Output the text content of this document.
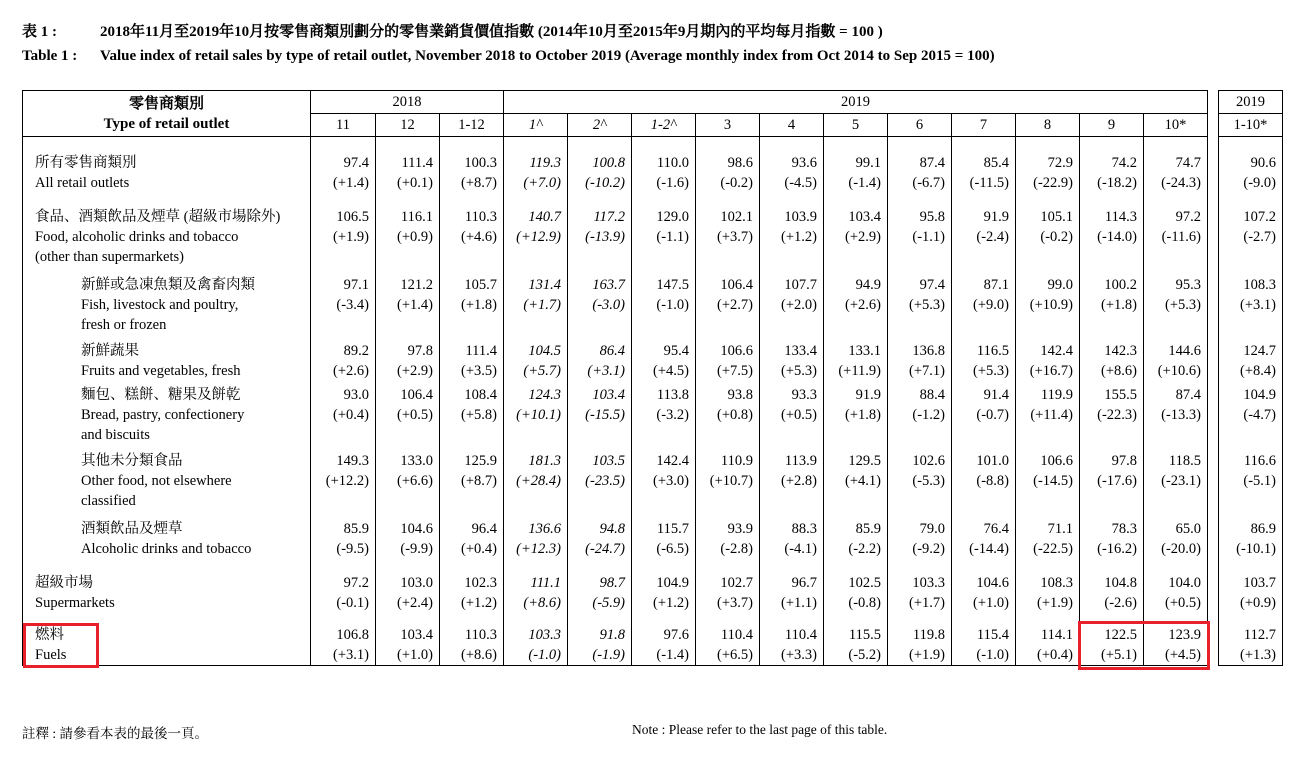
表 1 :	2018年11月至2019年10月按零售商類別劃分的零售業銷貨價值指數 (2014年10月至2015年9月期內的平均每月指數 = 100 )
Table 1 : Value index of retail sales by type of retail outlet, November 2018 to October 2019 (Average monthly index from Oct 2014 to Sep 2015 = 100)
零售商類別
Type of retail outlet	2018			2019												2019
	11	12	1-12	1^	2^	1-2^	3	4	5	6	7	8	9	10*		1-10*

所有零售商類別	97.4	111.4	100.3	119.3	100.8	110.0	98.6	93.6	99.1	87.4	85.4	72.9	74.2	74.7		90.6
All retail outlets	(+1.4)	(+0.1)	(+8.7)	(+7.0)	(-10.2)	(-1.6)	(-0.2)	(-4.5)	(-1.4)	(-6.7)	(-11.5)	(-22.9)	(-18.2)	(-24.3)		(-9.0)

食品、酒類飲品及煙草 (超級市場除外)	106.5	116.1	110.3	140.7	117.2	129.0	102.1	103.9	103.4	95.8	91.9	105.1	114.3	97.2		107.2
Food, alcoholic drinks and tobacco	(+1.9)	(+0.9)	(+4.6)	(+12.9)	(-13.9)	(-1.1)	(+3.7)	(+1.2)	(+2.9)	(-1.1)	(-2.4)	(-0.2)	(-14.0)	(-11.6)		(-2.7)
(other than supermarkets)																

新鮮或急凍魚類及禽畜肉類	97.1	121.2	105.7	131.4	163.7	147.5	106.4	107.7	94.9	97.4	87.1	99.0	100.2	95.3		108.3
Fish, livestock and poultry,	(-3.4)	(+1.4)	(+1.8)	(+1.7)	(-3.0)	(-1.0)	(+2.7)	(+2.0)	(+2.6)	(+5.3)	(+9.0)	(+10.9)	(+1.8)	(+5.3)		(+3.1)
fresh or frozen																

新鮮蔬果	89.2	97.8	111.4	104.5	86.4	95.4	106.6	133.4	133.1	136.8	116.5	142.4	142.3	144.6		124.7
Fruits and vegetables, fresh	(+2.6)	(+2.9)	(+3.5)	(+5.7)	(+3.1)	(+4.5)	(+7.5)	(+5.3)	(+11.9)	(+7.1)	(+5.3)	(+16.7)	(+8.6)	(+10.6)		(+8.4)

麵包、糕餅、糖果及餅乾	93.0	106.4	108.4	124.3	103.4	113.8	93.8	93.3	91.9	88.4	91.4	119.9	155.5	87.4		104.9
Bread, pastry, confectionery	(+0.4)	(+0.5)	(+5.8)	(+10.1)	(-15.5)	(-3.2)	(+0.8)	(+0.5)	(+1.8)	(-1.2)	(-0.7)	(+11.4)	(-22.3)	(-13.3)		(-4.7)
and biscuits																

其他未分類食品	149.3	133.0	125.9	181.3	103.5	142.4	110.9	113.9	129.5	102.6	101.0	106.6	97.8	118.5		116.6
Other food, not elsewhere	(+12.2)	(+6.6)	(+8.7)	(+28.4)	(-23.5)	(+3.0)	(+10.7)	(+2.8)	(+4.1)	(-5.3)	(-8.8)	(-14.5)	(-17.6)	(-23.1)		(-5.1)
classified																

酒類飲品及煙草	85.9	104.6	96.4	136.6	94.8	115.7	93.9	88.3	85.9	79.0	76.4	71.1	78.3	65.0		86.9
Alcoholic drinks and tobacco	(-9.5)	(-9.9)	(+0.4)	(+12.3)	(-24.7)	(-6.5)	(-2.8)	(-4.1)	(-2.2)	(-9.2)	(-14.4)	(-22.5)	(-16.2)	(-20.0)		(-10.1)

超級市場	97.2	103.0	102.3	111.1	98.7	104.9	102.7	96.7	102.5	103.3	104.6	108.3	104.8	104.0		103.7
Supermarkets	(-0.1)	(+2.4)	(+1.2)	(+8.6)	(-5.9)	(+1.2)	(+3.7)	(+1.1)	(-0.8)	(+1.7)	(+1.0)	(+1.9)	(-2.6)	(+0.5)		(+0.9)

燃料	106.8	103.4	110.3	103.3	91.8	97.6	110.4	110.4	115.5	119.8	115.4	114.1	122.5	123.9		112.7
Fuels	(+3.1)	(+1.0)	(+8.6)	(-1.0)	(-1.9)	(-1.4)	(+6.5)	(+3.3)	(-5.2)	(+1.9)	(-1.0)	(+0.4)	(+5.1)	(+4.5)		(+1.3)
註釋 : 請參看本表的最後一頁。	Note : Please refer to the last page of this table.
